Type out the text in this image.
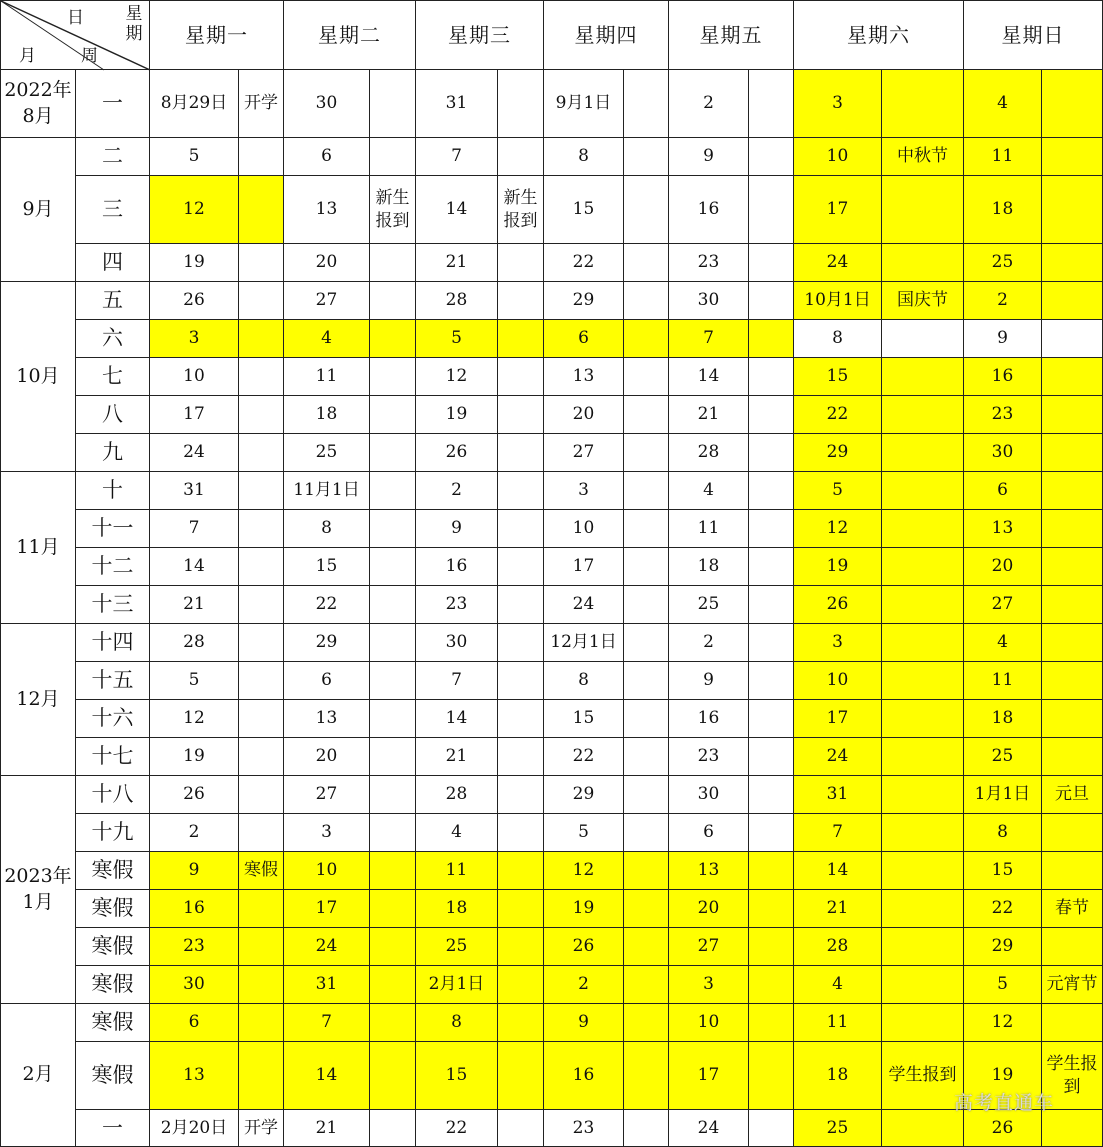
日 星期
月 周		星期一		星期二		星期三		星期四		星期五		星期六		星期日	
2022年
8月	一	8月29日	开学	30		31		9月1日		2		3		4	
9月	二	5		6		7		8		9		10	中秋节	11	
	三	12		13	新生报到	14	新生报到	15		16		17		18	
	四	19		20		21		22		23		24		25	
10月	五	26		27		28		29		30		10月1日	国庆节	2	
	六	3		4		5		6		7		8		9	
	七	10		11		12		13		14		15		16	
	八	17		18		19		20		21		22		23	
	九	24		25		26		27		28		29		30	
11月	十	31		11月1日		2		3		4		5		6	
	十一	7		8		9		10		11		12		13	
	十二	14		15		16		17		18		19		20	
	十三	21		22		23		24		25		26		27	
12月	十四	28		29		30		12月1日		2		3		4	
	十五	5		6		7		8		9		10		11	
	十六	12		13		14		15		16		17		18	
	十七	19		20		21		22		23		24		25	
2023年
1月	十八	26		27		28		29		30		31		1月1日	元旦
	十九	2		3		4		5		6		7		8	
	寒假	9	寒假	10		11		12		13		14		15	
	寒假	16		17		18		19		20		21		22	春节
	寒假	23		24		25		26		27		28		29	
	寒假	30		31		2月1日		2		3		4		5	元宵节
2月	寒假	6		7		8		9		10		11		12	
	寒假	13		14		15		16		17		18	学生报到	19	学生报到
	一	2月20日	开学	21		22		23		24		25		26	
高考直通车
